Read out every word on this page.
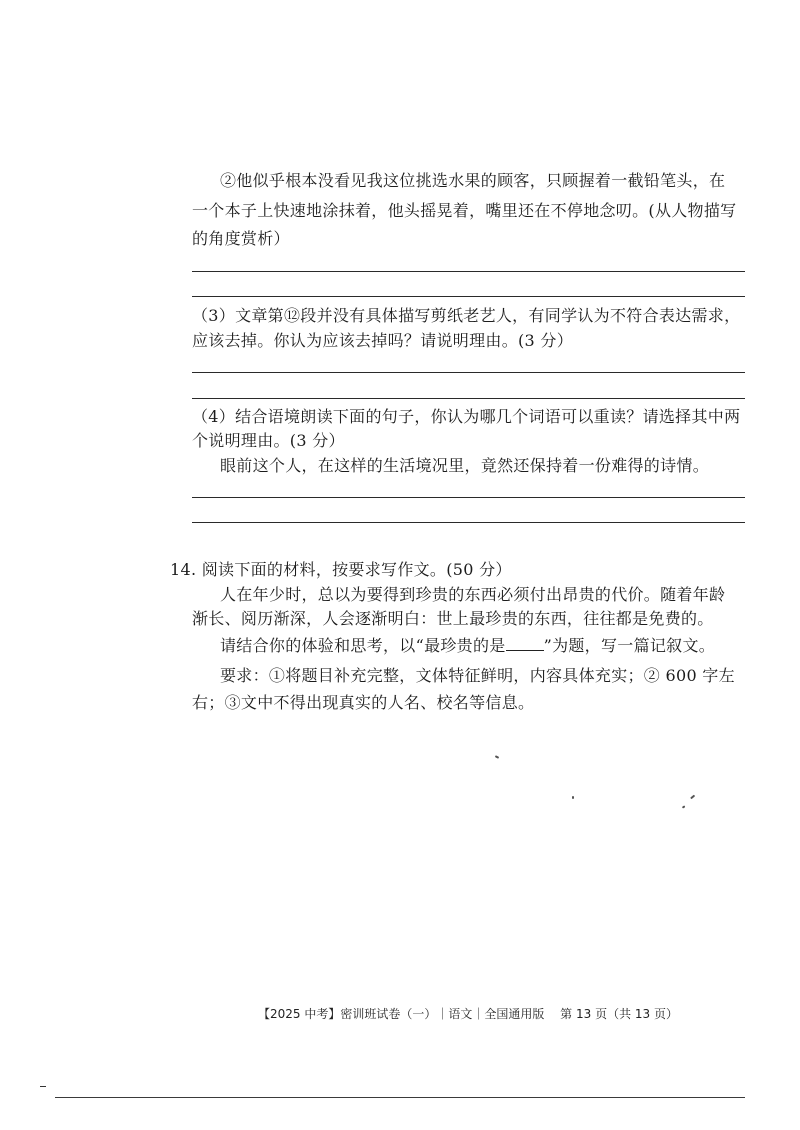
②他似乎根本没看见我这位挑选水果的顾客，只顾握着一截铅笔头，在
一个本子上快速地涂抹着，他头摇晃着，嘴里还在不停地念叨。(从人物描写
的角度赏析）
（3）文章第⑫段并没有具体描写剪纸老艺人，有同学认为不符合表达需求，
应该去掉。你认为应该去掉吗？请说明理由。(3 分）
（4）结合语境朗读下面的句子，你认为哪几个词语可以重读？请选择其中两
个说明理由。(3 分）
眼前这个人，在这样的生活境况里，竟然还保持着一份难得的诗情。
14. 阅读下面的材料，按要求写作文。(50 分）
人在年少时，总以为要得到珍贵的东西必须付出昂贵的代价。随着年龄
渐长、阅历渐深，人会逐渐明白：世上最珍贵的东西，往往都是免费的。
请结合你的体验和思考，以“最珍贵的是 ”为题，写一篇记叙文。
要求：①将题目补充完整，文体特征鲜明，内容具体充实；② 600 字左
右；③文中不得出现真实的人名、校名等信息。
【2025 中考】密训班试卷（一）｜语文｜全国通用版　 第 13 页（共 13 页）
